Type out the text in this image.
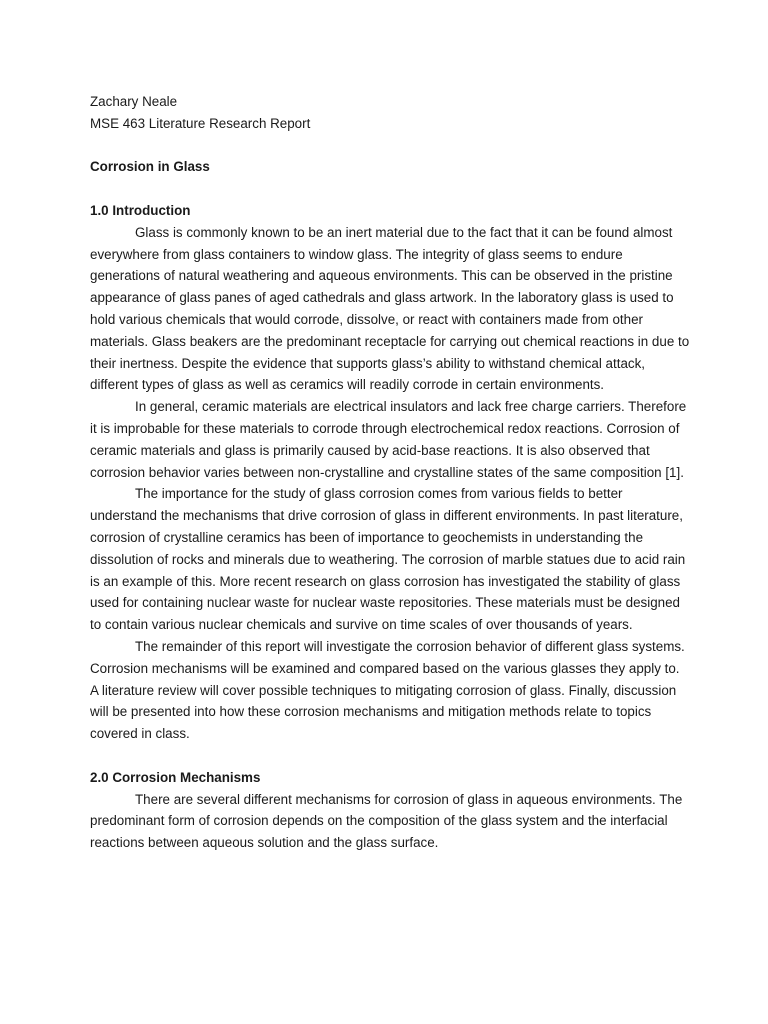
Zachary Neale

MSE 463 Literature Research Report

Corrosion in Glass

1.0 Introduction

Glass is commonly known to be an inert material due to the fact that it can be found almost everywhere from glass containers to window glass. The integrity of glass seems to endure generations of natural weathering and aqueous environments. This can be observed in the pristine appearance of glass panes of aged cathedrals and glass artwork. In the laboratory glass is used to hold various chemicals that would corrode, dissolve, or react with containers made from other materials. Glass beakers are the predominant receptacle for carrying out chemical reactions in due to their inertness. Despite the evidence that supports glass’s ability to withstand chemical attack, different types of glass as well as ceramics will readily corrode in certain environments.

In general, ceramic materials are electrical insulators and lack free charge carriers. Therefore it is improbable for these materials to corrode through electrochemical redox reactions. Corrosion of ceramic materials and glass is primarily caused by acid-base reactions. It is also observed that corrosion behavior varies between non-crystalline and crystalline states of the same composition [1].

The importance for the study of glass corrosion comes from various fields to better understand the mechanisms that drive corrosion of glass in different environments. In past literature, corrosion of crystalline ceramics has been of importance to geochemists in understanding the dissolution of rocks and minerals due to weathering. The corrosion of marble statues due to acid rain is an example of this. More recent research on glass corrosion has investigated the stability of glass used for containing nuclear waste for nuclear waste repositories. These materials must be designed to contain various nuclear chemicals and survive on time scales of over thousands of years.

The remainder of this report will investigate the corrosion behavior of different glass systems. Corrosion mechanisms will be examined and compared based on the various glasses they apply to. A literature review will cover possible techniques to mitigating corrosion of glass. Finally, discussion will be presented into how these corrosion mechanisms and mitigation methods relate to topics covered in class.

2.0 Corrosion Mechanisms

There are several different mechanisms for corrosion of glass in aqueous environments. The predominant form of corrosion depends on the composition of the glass system and the interfacial reactions between aqueous solution and the glass surface.
